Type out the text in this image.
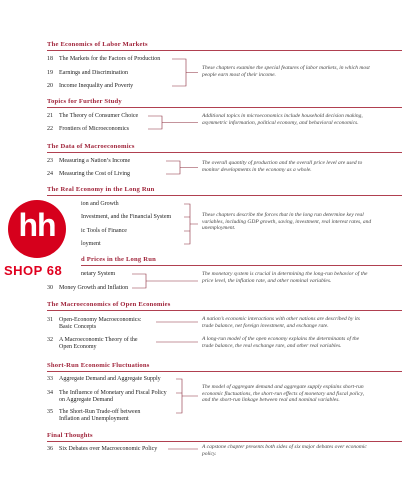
The Economics of Labor Markets
18	The Markets for the Factors of Production
19	Earnings and Discrimination
20	Income Inequality and Poverty
These chapters examine the special features of labor markets, in which most people earn most of their income.
Topics for Further Study
21	The Theory of Consumer Choice
22	Frontiers of Microeconomics
Additional topics in microeconomics include household decision making, asymmetric information, political economy, and behavioral economics.
The Data of Macroeconomics
23	Measuring a Nation’s Income
24	Measuring the Cost of Living
The overall quantity of production and the overall price level are used to monitor developments in the economy as a whole.
The Real Economy in the Long Run
ion and Growth
Investment, and the Financial System
ic Tools of Finance
loyment
These chapters describe the forces that in the long run determine key real variables, including GDP growth, saving, investment, real interest rates, and unemployment.
d Prices in the Long Run
netary System
30	Money Growth and Inflation
The monetary system is crucial in determining the long-run behavior of the price level, the inflation rate, and other nominal variables.
The Macroeconomics of Open Economies
31	Open-Economy Macroeconomics:
Basic Concepts
32	A Macroeconomic Theory of the
Open Economy
A nation’s economic interactions with other nations are described by its trade balance, net foreign investment, and exchange rate.
A long-run model of the open economy explains the determinants of the trade balance, the real exchange rate, and other real variables.
Short-Run Economic Fluctuations
33	Aggregate Demand and Aggregate Supply
34	The Influence of Monetary and Fiscal Policy
on Aggregate Demand
35	The Short-Run Trade-off between
Inflation and Unemployment
The model of aggregate demand and aggregate supply explains short-run economic fluctuations, the short-run effects of monetary and fiscal policy, and the short-run linkage between real and nominal variables.
Final Thoughts
36	Six Debates over Macroeconomic Policy	A capstone chapter presents both sides of six major debates over economic policy.
hh
SHOP 68
